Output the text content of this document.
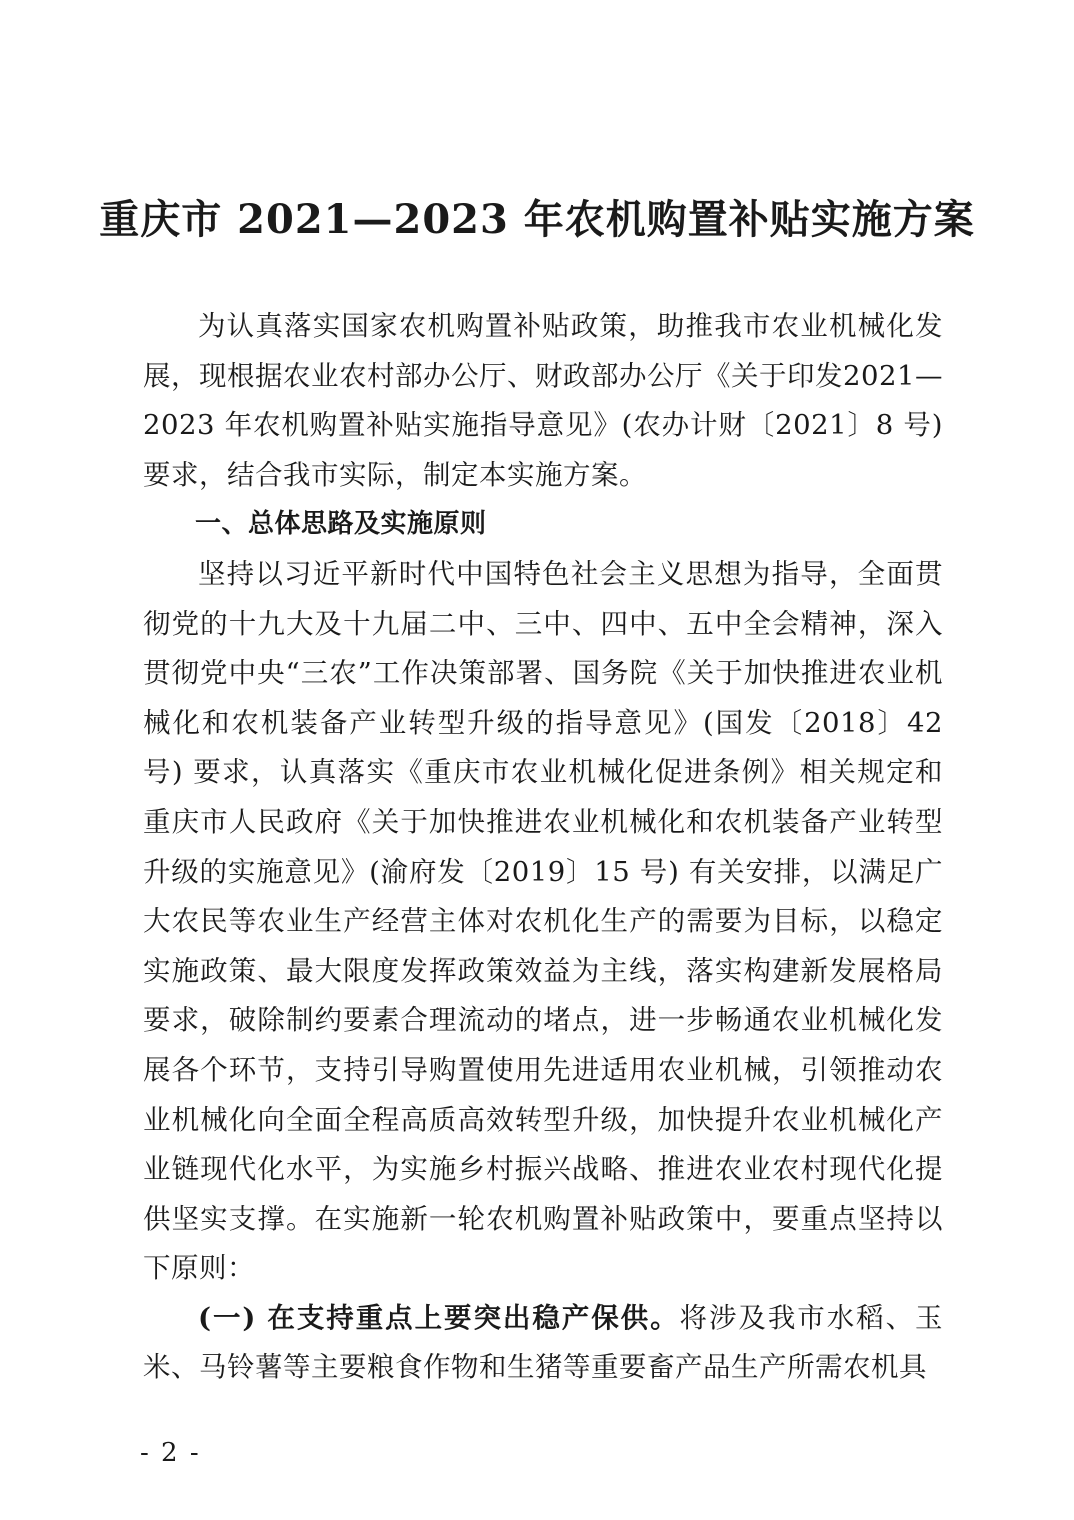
重庆市 2021—2023 年农机购置补贴实施方案

为认真落实国家农机购置补贴政策，助推我市农业机械化发展，现根据农业农村部办公厅、财政部办公厅《关于印发2021—2023 年农机购置补贴实施指导意见》(农办计财〔2021〕8 号) 要求，结合我市实际，制定本实施方案。

一、总体思路及实施原则

坚持以习近平新时代中国特色社会主义思想为指导，全面贯彻党的十九大及十九届二中、三中、四中、五中全会精神，深入贯彻党中央“三农”工作决策部署、国务院《关于加快推进农业机械化和农机装备产业转型升级的指导意见》(国发〔2018〕42 号) 要求，认真落实《重庆市农业机械化促进条例》相关规定和重庆市人民政府《关于加快推进农业机械化和农机装备产业转型升级的实施意见》(渝府发〔2019〕15 号) 有关安排，以满足广大农民等农业生产经营主体对农机化生产的需要为目标，以稳定实施政策、最大限度发挥政策效益为主线，落实构建新发展格局要求，破除制约要素合理流动的堵点，进一步畅通农业机械化发展各个环节，支持引导购置使用先进适用农业机械，引领推动农业机械化向全面全程高质高效转型升级，加快提升农业机械化产业链现代化水平，为实施乡村振兴战略、推进农业农村现代化提供坚实支撑。在实施新一轮农机购置补贴政策中，要重点坚持以下原则：

(一) 在支持重点上要突出稳产保供。将涉及我市水稻、玉米、马铃薯等主要粮食作物和生猪等重要畜产品生产所需农机具

- 2 -
